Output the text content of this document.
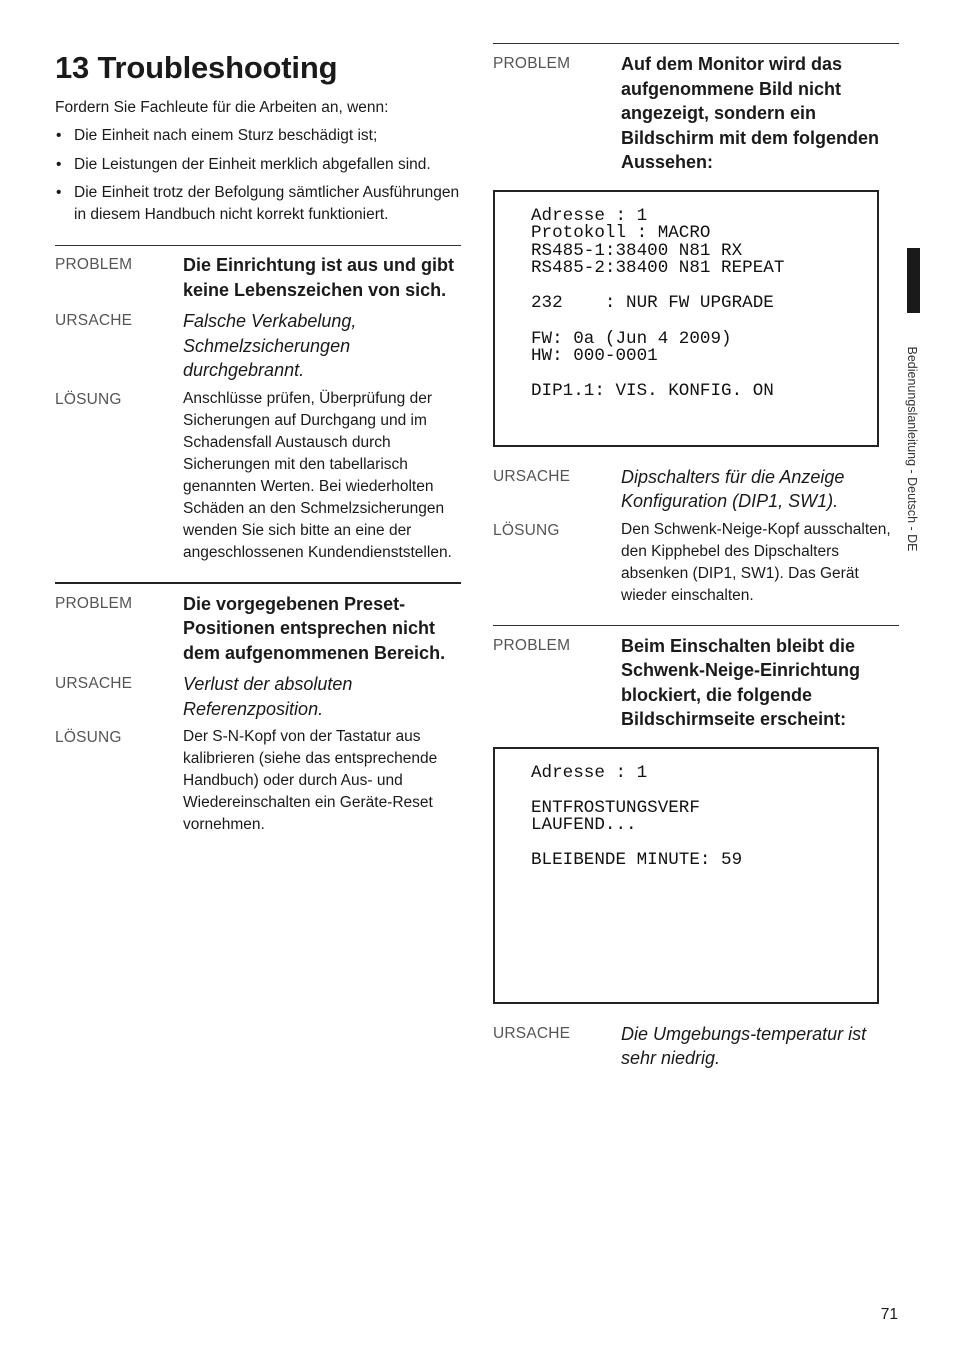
13 Troubleshooting
Fordern Sie Fachleute für die Arbeiten an, wenn:
• Die Einheit nach einem Sturz beschädigt ist;
• Die Leistungen der Einheit merklich abgefallen sind.
• Die Einheit trotz der Befolgung sämtlicher Ausführungen in diesem Handbuch nicht korrekt funktioniert.
PROBLEM	Die Einrichtung ist aus und gibt keine Lebenszeichen von sich.
URSACHE	Falsche Verkabelung, Schmelzsicherungen durchgebrannt.
LÖSUNG	Anschlüsse prüfen, Überprüfung der Sicherungen auf Durchgang und im Schadensfall Austausch durch Sicherungen mit den tabellarisch genannten Werten. Bei wiederholten Schäden an den Schmelzsicherungen wenden Sie sich bitte an eine der angeschlossenen Kundendienststellen.
PROBLEM	Die vorgegebenen Preset-Positionen entsprechen nicht dem aufgenommenen Bereich.
URSACHE	Verlust der absoluten Referenzposition.
LÖSUNG	Der S-N-Kopf von der Tastatur aus kalibrieren (siehe das entsprechende Handbuch) oder durch Aus- und Wiedereinschalten ein Geräte-Reset vornehmen.
PROBLEM	Auf dem Monitor wird das aufgenommene Bild nicht angezeigt, sondern ein Bildschirm mit dem folgenden Aussehen:
Adresse : 1
Protokoll : MACRO
RS485-1:38400 N81 RX
RS485-2:38400 N81 REPEAT
232    : NUR FW UPGRADE
FW: 0a (Jun 4 2009)
HW: 000-0001
DIP1.1: VIS. KONFIG. ON
URSACHE	Dipschalters für die Anzeige Konfiguration (DIP1, SW1).
LÖSUNG	Den Schwenk-Neige-Kopf ausschalten, den Kipphebel des Dipschalters absenken (DIP1, SW1). Das Gerät wieder einschalten.
PROBLEM	Beim Einschalten bleibt die Schwenk-Neige-Einrichtung blockiert, die folgende Bildschirmseite erscheint:
Adresse : 1
ENTFROSTUNGSVERF
LAUFEND...
BLEIBENDE MINUTE: 59
URSACHE	Die Umgebungs-temperatur ist sehr niedrig.
Bedienungslanleitung - Deutsch - DE
71
